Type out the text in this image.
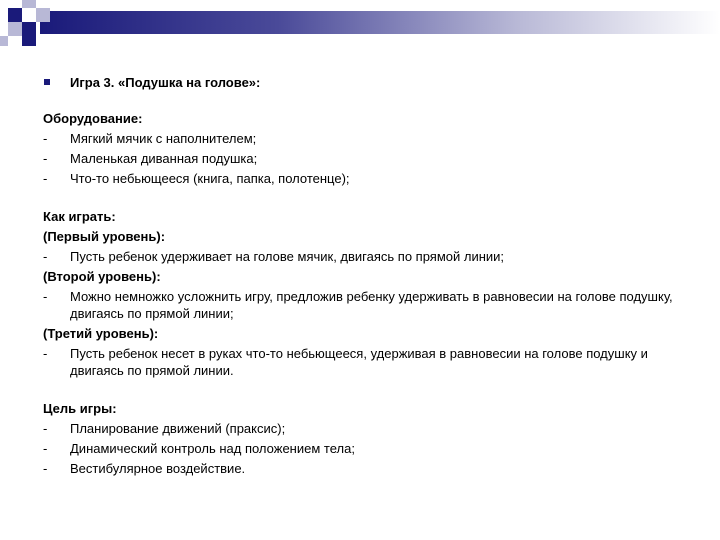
Игра 3. «Подушка на голове»:
Оборудование:
-	Мягкий мячик с наполнителем;
-	Маленькая диванная подушка;
-	Что-то небьющееся (книга, папка, полотенце);
Как играть:
(Первый уровень):
-	Пусть ребенок удерживает на голове мячик, двигаясь по прямой линии;
(Второй уровень):
-	Можно немножко усложнить игру, предложив ребенку удерживать в равновесии на голове подушку, двигаясь по прямой линии;
(Третий уровень):
-	Пусть ребенок несет в руках что-то небьющееся, удерживая в равновесии на голове подушку и двигаясь по прямой линии.
Цель игры:
-	Планирование движений (праксис);
-	Динамический контроль над положением тела;
-	Вестибулярное воздействие.
